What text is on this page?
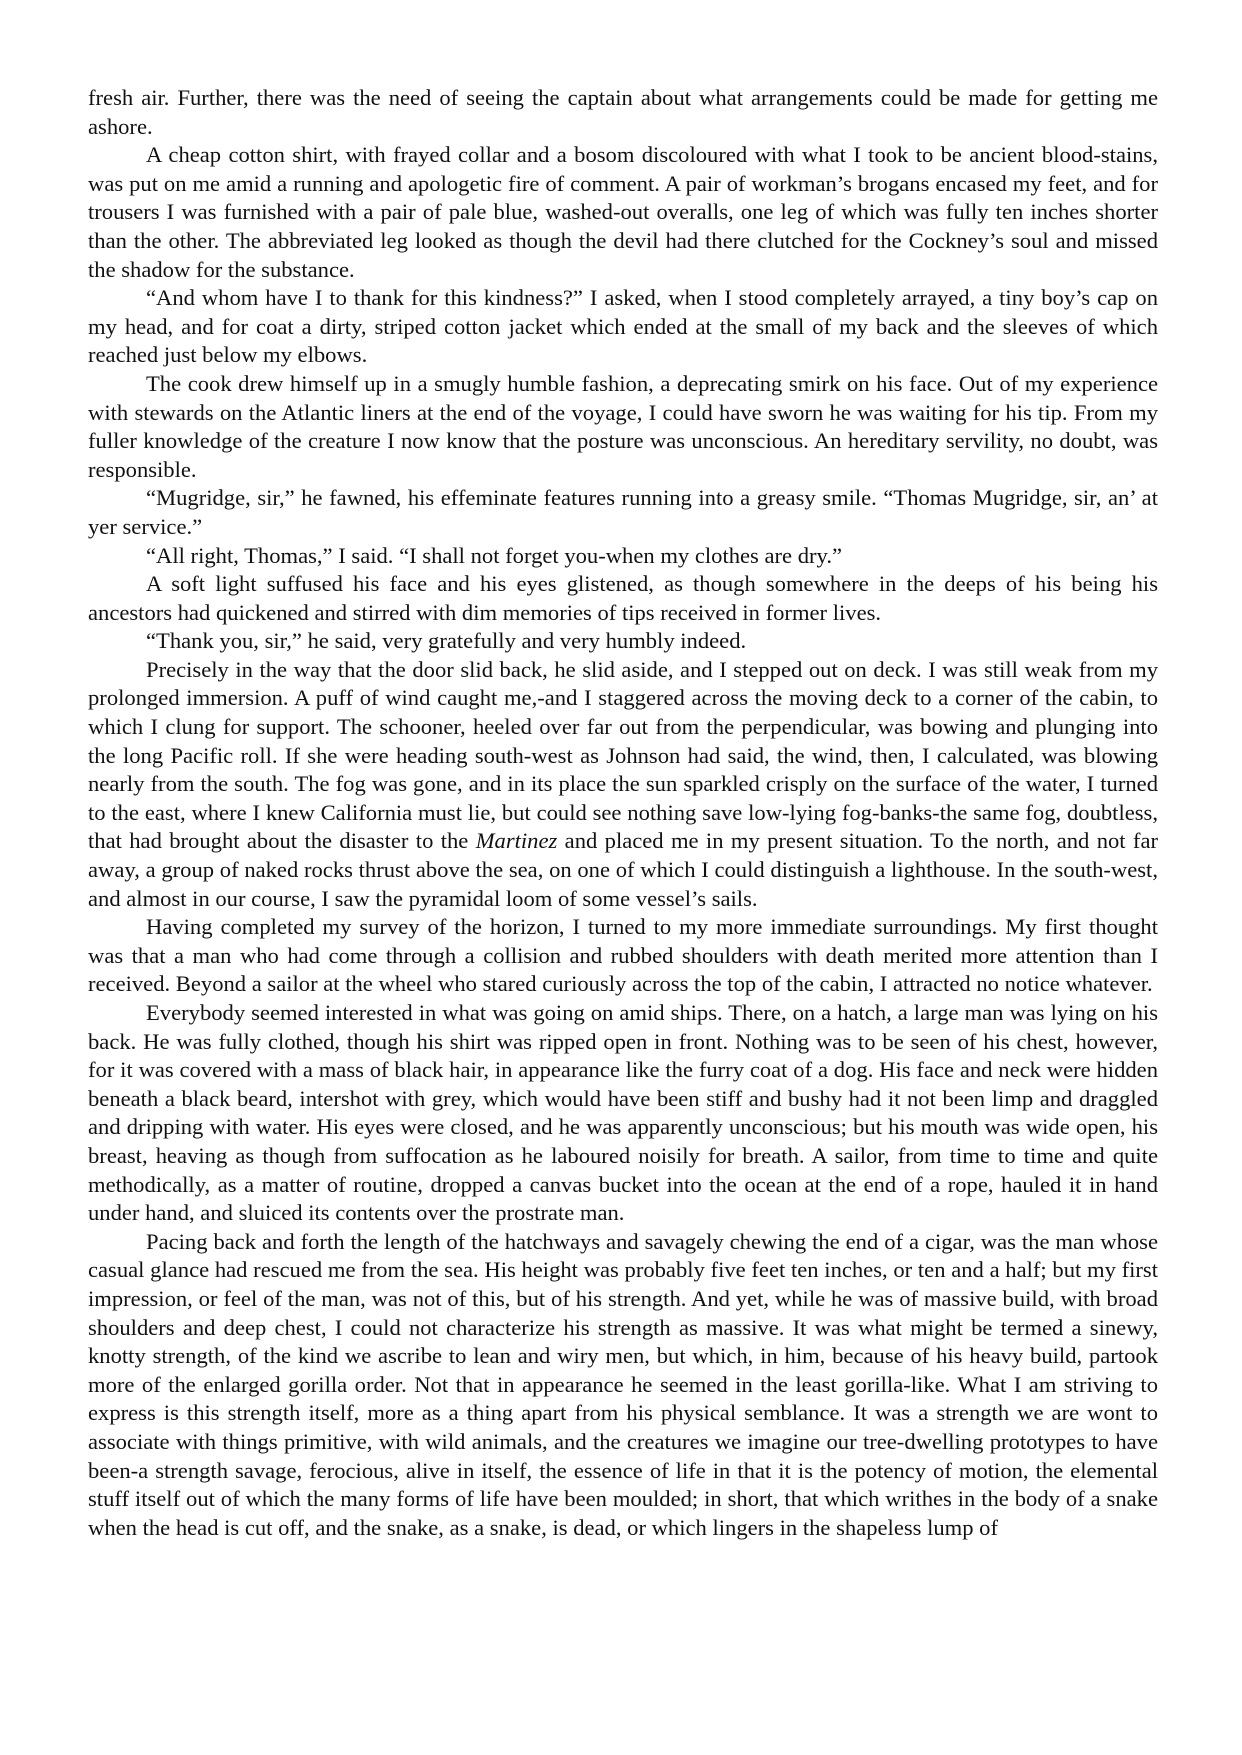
fresh air. Further, there was the need of seeing the captain about what arrangements could be made for getting me ashore.

A cheap cotton shirt, with frayed collar and a bosom discoloured with what I took to be ancient blood-stains, was put on me amid a running and apologetic fire of comment. A pair of workman’s brogans encased my feet, and for trousers I was furnished with a pair of pale blue, washed-out overalls, one leg of which was fully ten inches shorter than the other. The abbreviated leg looked as though the devil had there clutched for the Cockney’s soul and missed the shadow for the substance.

“And whom have I to thank for this kindness?” I asked, when I stood completely arrayed, a tiny boy’s cap on my head, and for coat a dirty, striped cotton jacket which ended at the small of my back and the sleeves of which reached just below my elbows.

The cook drew himself up in a smugly humble fashion, a deprecating smirk on his face. Out of my experience with stewards on the Atlantic liners at the end of the voyage, I could have sworn he was waiting for his tip. From my fuller knowledge of the creature I now know that the posture was unconscious. An hereditary servility, no doubt, was responsible.

“Mugridge, sir,” he fawned, his effeminate features running into a greasy smile. “Thomas Mugridge, sir, an’ at yer service.”

“All right, Thomas,” I said. “I shall not forget you-when my clothes are dry.”

A soft light suffused his face and his eyes glistened, as though somewhere in the deeps of his being his ancestors had quickened and stirred with dim memories of tips received in former lives.

“Thank you, sir,” he said, very gratefully and very humbly indeed.

Precisely in the way that the door slid back, he slid aside, and I stepped out on deck. I was still weak from my prolonged immersion. A puff of wind caught me,-and I staggered across the moving deck to a corner of the cabin, to which I clung for support. The schooner, heeled over far out from the perpendicular, was bowing and plunging into the long Pacific roll. If she were heading south-west as Johnson had said, the wind, then, I calculated, was blowing nearly from the south. The fog was gone, and in its place the sun sparkled crisply on the surface of the water, I turned to the east, where I knew California must lie, but could see nothing save low-lying fog-banks-the same fog, doubtless, that had brought about the disaster to the Martinez and placed me in my present situation. To the north, and not far away, a group of naked rocks thrust above the sea, on one of which I could distinguish a lighthouse. In the south-west, and almost in our course, I saw the pyramidal loom of some vessel’s sails.

Having completed my survey of the horizon, I turned to my more immediate surroundings. My first thought was that a man who had come through a collision and rubbed shoulders with death merited more attention than I received. Beyond a sailor at the wheel who stared curiously across the top of the cabin, I attracted no notice whatever.

Everybody seemed interested in what was going on amid ships. There, on a hatch, a large man was lying on his back. He was fully clothed, though his shirt was ripped open in front. Nothing was to be seen of his chest, however, for it was covered with a mass of black hair, in appearance like the furry coat of a dog. His face and neck were hidden beneath a black beard, intershot with grey, which would have been stiff and bushy had it not been limp and draggled and dripping with water. His eyes were closed, and he was apparently unconscious; but his mouth was wide open, his breast, heaving as though from suffocation as he laboured noisily for breath. A sailor, from time to time and quite methodically, as a matter of routine, dropped a canvas bucket into the ocean at the end of a rope, hauled it in hand under hand, and sluiced its contents over the prostrate man.

Pacing back and forth the length of the hatchways and savagely chewing the end of a cigar, was the man whose casual glance had rescued me from the sea. His height was probably five feet ten inches, or ten and a half; but my first impression, or feel of the man, was not of this, but of his strength. And yet, while he was of massive build, with broad shoulders and deep chest, I could not characterize his strength as massive. It was what might be termed a sinewy, knotty strength, of the kind we ascribe to lean and wiry men, but which, in him, because of his heavy build, partook more of the enlarged gorilla order. Not that in appearance he seemed in the least gorilla-like. What I am striving to express is this strength itself, more as a thing apart from his physical semblance. It was a strength we are wont to associate with things primitive, with wild animals, and the creatures we imagine our tree-dwelling prototypes to have been-a strength savage, ferocious, alive in itself, the essence of life in that it is the potency of motion, the elemental stuff itself out of which the many forms of life have been moulded; in short, that which writhes in the body of a snake when the head is cut off, and the snake, as a snake, is dead, or which lingers in the shapeless lump of
